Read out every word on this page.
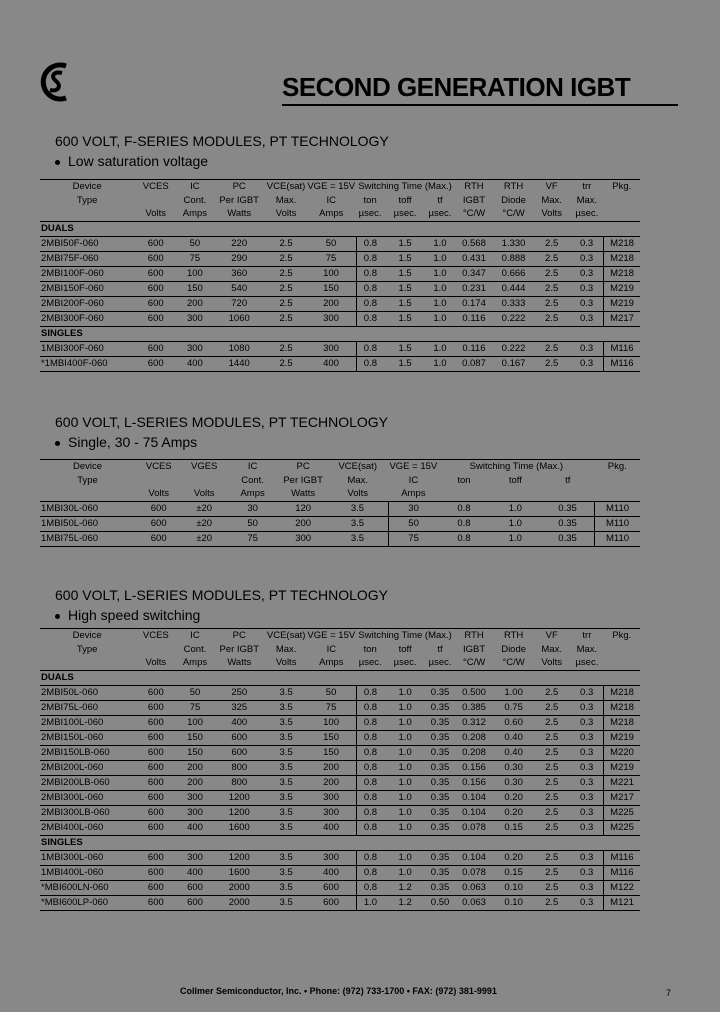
SECOND GENERATION IGBT
600 VOLT, F-SERIES MODULES, PT TECHNOLOGY

Low saturation voltage

Device	VCES	IC	PC	VCE(sat)	VGE = 15V	Switching Time (Max.)			RTH	RTH	VF	trr	Pkg.
Type		Cont.	Per IGBT	Max.	IC	ton	toff	tf	IGBT	Diode	Max.	Max.	
	Volts	Amps	Watts	Volts	Amps	µsec.	µsec.	µsec.	°C/W	°C/W	Volts	µsec.	
DUALS													
2MBI50F-060	600	50	220	2.5	50	0.8	1.5	1.0	0.568	1.330	2.5	0.3	M218
2MBI75F-060	600	75	290	2.5	75	0.8	1.5	1.0	0.431	0.888	2.5	0.3	M218
2MBI100F-060	600	100	360	2.5	100	0.8	1.5	1.0	0.347	0.666	2.5	0.3	M218
2MBI150F-060	600	150	540	2.5	150	0.8	1.5	1.0	0.231	0.444	2.5	0.3	M219
2MBI200F-060	600	200	720	2.5	200	0.8	1.5	1.0	0.174	0.333	2.5	0.3	M219
2MBI300F-060	600	300	1060	2.5	300	0.8	1.5	1.0	0.116	0.222	2.5	0.3	M217
SINGLES													
1MBI300F-060	600	300	1080	2.5	300	0.8	1.5	1.0	0.116	0.222	2.5	0.3	M116
*1MBI400F-060	600	400	1440	2.5	400	0.8	1.5	1.0	0.087	0.167	2.5	0.3	M116
600 VOLT, L-SERIES MODULES, PT TECHNOLOGY

Single, 30 - 75 Amps

Device	VCES	VGES	IC	PC	VCE(sat)	VGE = 15V	Switching Time (Max.)			Pkg.
Type			Cont.	Per IGBT	Max.	IC	ton	toff	tf	
	Volts	Volts	Amps	Watts	Volts	Amps				
1MBI30L-060	600	±20	30	120	3.5	30	0.8	1.0	0.35	M110
1MBI50L-060	600	±20	50	200	3.5	50	0.8	1.0	0.35	M110
1MBI75L-060	600	±20	75	300	3.5	75	0.8	1.0	0.35	M110
600 VOLT, L-SERIES MODULES, PT TECHNOLOGY

High speed switching

Device	VCES	IC	PC	VCE(sat)	VGE = 15V	Switching Time (Max.)			RTH	RTH	VF	trr	Pkg.
Type		Cont.	Per IGBT	Max.	IC	ton	toff	tf	IGBT	Diode	Max.	Max.	
	Volts	Amps	Watts	Volts	Amps	µsec.	µsec.	µsec.	°C/W	°C/W	Volts	µsec.	
DUALS													
2MBI50L-060	600	50	250	3.5	50	0.8	1.0	0.35	0.500	1.00	2.5	0.3	M218
2MBI75L-060	600	75	325	3.5	75	0.8	1.0	0.35	0.385	0.75	2.5	0.3	M218
2MBI100L-060	600	100	400	3.5	100	0.8	1.0	0.35	0.312	0.60	2.5	0.3	M218
2MBI150L-060	600	150	600	3.5	150	0.8	1.0	0.35	0.208	0.40	2.5	0.3	M219
2MBI150LB-060	600	150	600	3.5	150	0.8	1.0	0.35	0.208	0.40	2.5	0.3	M220
2MBI200L-060	600	200	800	3.5	200	0.8	1.0	0.35	0.156	0.30	2.5	0.3	M219
2MBI200LB-060	600	200	800	3.5	200	0.8	1.0	0.35	0.156	0.30	2.5	0.3	M221
2MBI300L-060	600	300	1200	3.5	300	0.8	1.0	0.35	0.104	0.20	2.5	0.3	M217
2MBI300LB-060	600	300	1200	3.5	300	0.8	1.0	0.35	0.104	0.20	2.5	0.3	M225
2MBI400L-060	600	400	1600	3.5	400	0.8	1.0	0.35	0.078	0.15	2.5	0.3	M225
SINGLES													
1MBI300L-060	600	300	1200	3.5	300	0.8	1.0	0.35	0.104	0.20	2.5	0.3	M116
1MBI400L-060	600	400	1600	3.5	400	0.8	1.0	0.35	0.078	0.15	2.5	0.3	M116
*MBI600LN-060	600	600	2000	3.5	600	0.8	1.2	0.35	0.063	0.10	2.5	0.3	M122
*MBI600LP-060	600	600	2000	3.5	600	1.0	1.2	0.50	0.063	0.10	2.5	0.3	M121

Collmer Semiconductor, Inc. • Phone: (972) 733-1700 • FAX: (972) 381-9991	7
